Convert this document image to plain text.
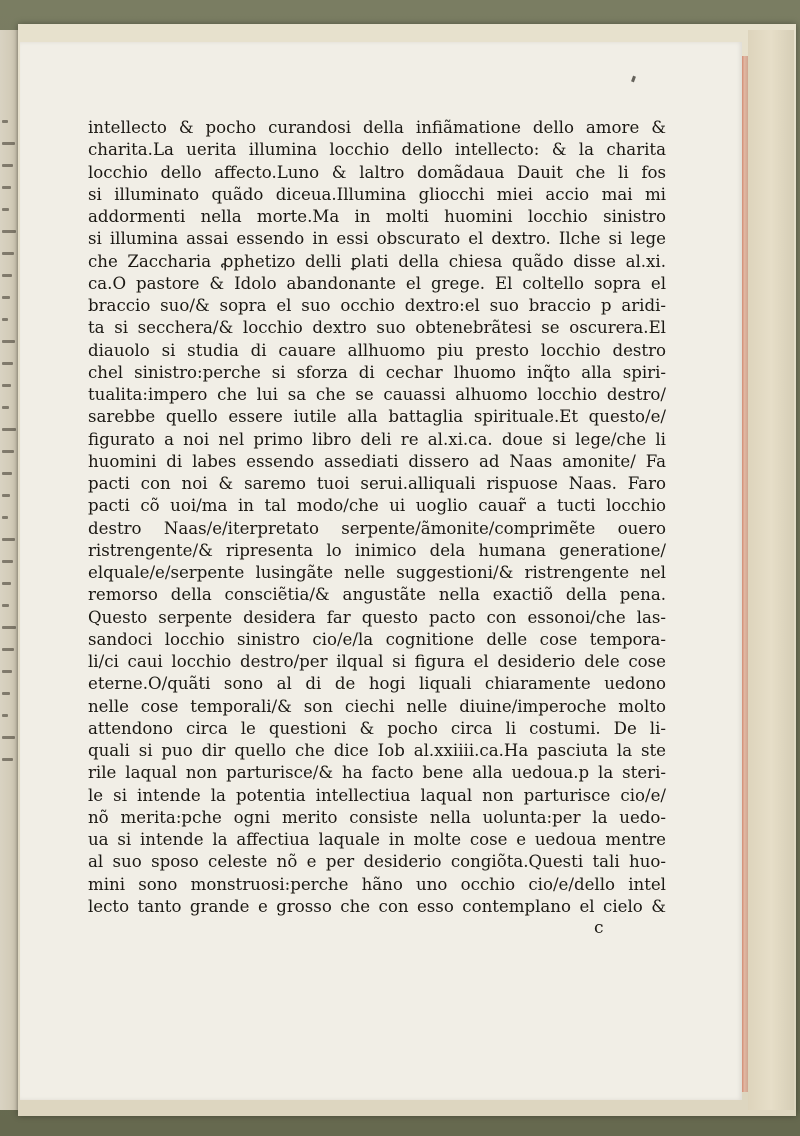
intellecto & pocho curandosi della infiãmatione dello amore &
charita.La uerita illumina locchio dello intellecto: & la charita
locchio dello affecto.Luno & laltro domãdaua Dauit che li fos
si illuminato quãdo diceua.Illumina gliocchi miei accio mai mi
addormenti nella morte.Ma in molti huomini locchio sinistro
si illumina assai essendo in essi obscurato el dextro. Ilche si lege
che Zaccharia ꝓphetizo delli ꝑlati della chiesa quãdo disse al.xi.
ca.O pastore & Idolo abandonante el grege. El coltello sopra el
braccio suo/& sopra el suo occhio dextro:el suo braccio p aridi-
ta si secchera/& locchio dextro suo obtenebrãtesi se oscurera.El
diauolo si studia di cauare allhuomo piu presto locchio destro
chel sinistro:perche si sforza di cechar lhuomo inq̃to alla spiri-
tualita:impero che lui sa che se cauassi alhuomo locchio destro/
sarebbe quello essere iutile alla battaglia spirituale.Et questo/e/
figurato a noi nel primo libro deli re al.xi.ca. doue si lege/che li
huomini di labes essendo assediati dissero ad Naas amonite/ Fa
pacti con noi & saremo tuoi serui.alliquali rispuose Naas. Faro
pacti cõ uoi/ma in tal modo/che ui uoglio cauar̃ a tucti locchio
destro Naas/e/iterpretato serpente/ãmonite/comprimẽte ouero
ristrengente/& ripresenta lo inimico dela humana generatione/
elquale/e/serpente lusingãte nelle suggestioni/& ristrengente nel
remorso della consciẽtia/& angustãte nella exactiõ della pena.
Questo serpente desidera far questo pacto con essonoi/che las-
sandoci locchio sinistro cio/e/la cognitione delle cose tempora-
li/ci caui locchio destro/per ilqual si figura el desiderio dele cose
eterne.O/quãti sono al di de hogi liquali chiaramente uedono
nelle cose temporali/& son ciechi nelle diuine/imperoche molto
attendono circa le questioni & pocho circa li costumi. De li-
quali si puo dir quello che dice Iob al.xxiiii.ca.Ha pasciuta la ste
rile laqual non parturisce/& ha facto bene alla uedoua.p la steri-
le si intende la potentia intellectiua laqual non parturisce cio/e/
nõ merita:pche ogni merito consiste nella uolunta:per la uedo-
ua si intende la affectiua laquale in molte cose e uedoua mentre
al suo sposo celeste nõ e per desiderio congiõta.Questi tali huo-
mini sono monstruosi:perche hãno uno occhio cio/e/dello intel
lecto tanto grande e grosso che con esso contemplano el cielo &
c
